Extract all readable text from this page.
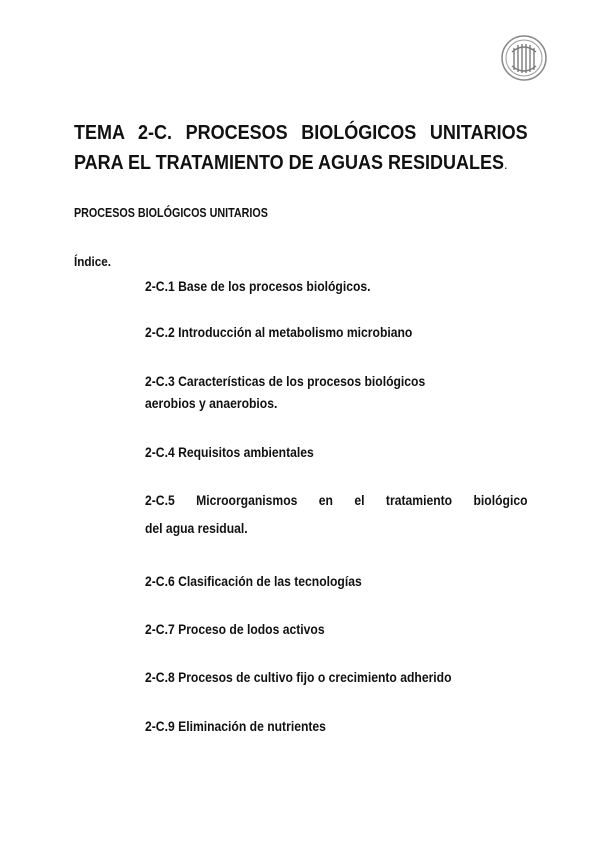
TEMA 2-C. PROCESOS BIOLÓGICOS UNITARIOS
PARA EL TRATAMIENTO DE AGUAS RESIDUALES.

PROCESOS BIOLÓGICOS UNITARIOS

Índice.

2-C.1 Base de los procesos biológicos.
2-C.2 Introducción al metabolismo microbiano
2-C.3 Características de los procesos biológicos
aerobios y anaerobios.
2-C.4 Requisitos ambientales
2-C.5 Microorganismos en el tratamiento biológico
del agua residual.
2-C.6 Clasificación de las tecnologías
2-C.7 Proceso de lodos activos
2-C.8 Procesos de cultivo fijo o crecimiento adherido
2-C.9 Eliminación de nutrientes
